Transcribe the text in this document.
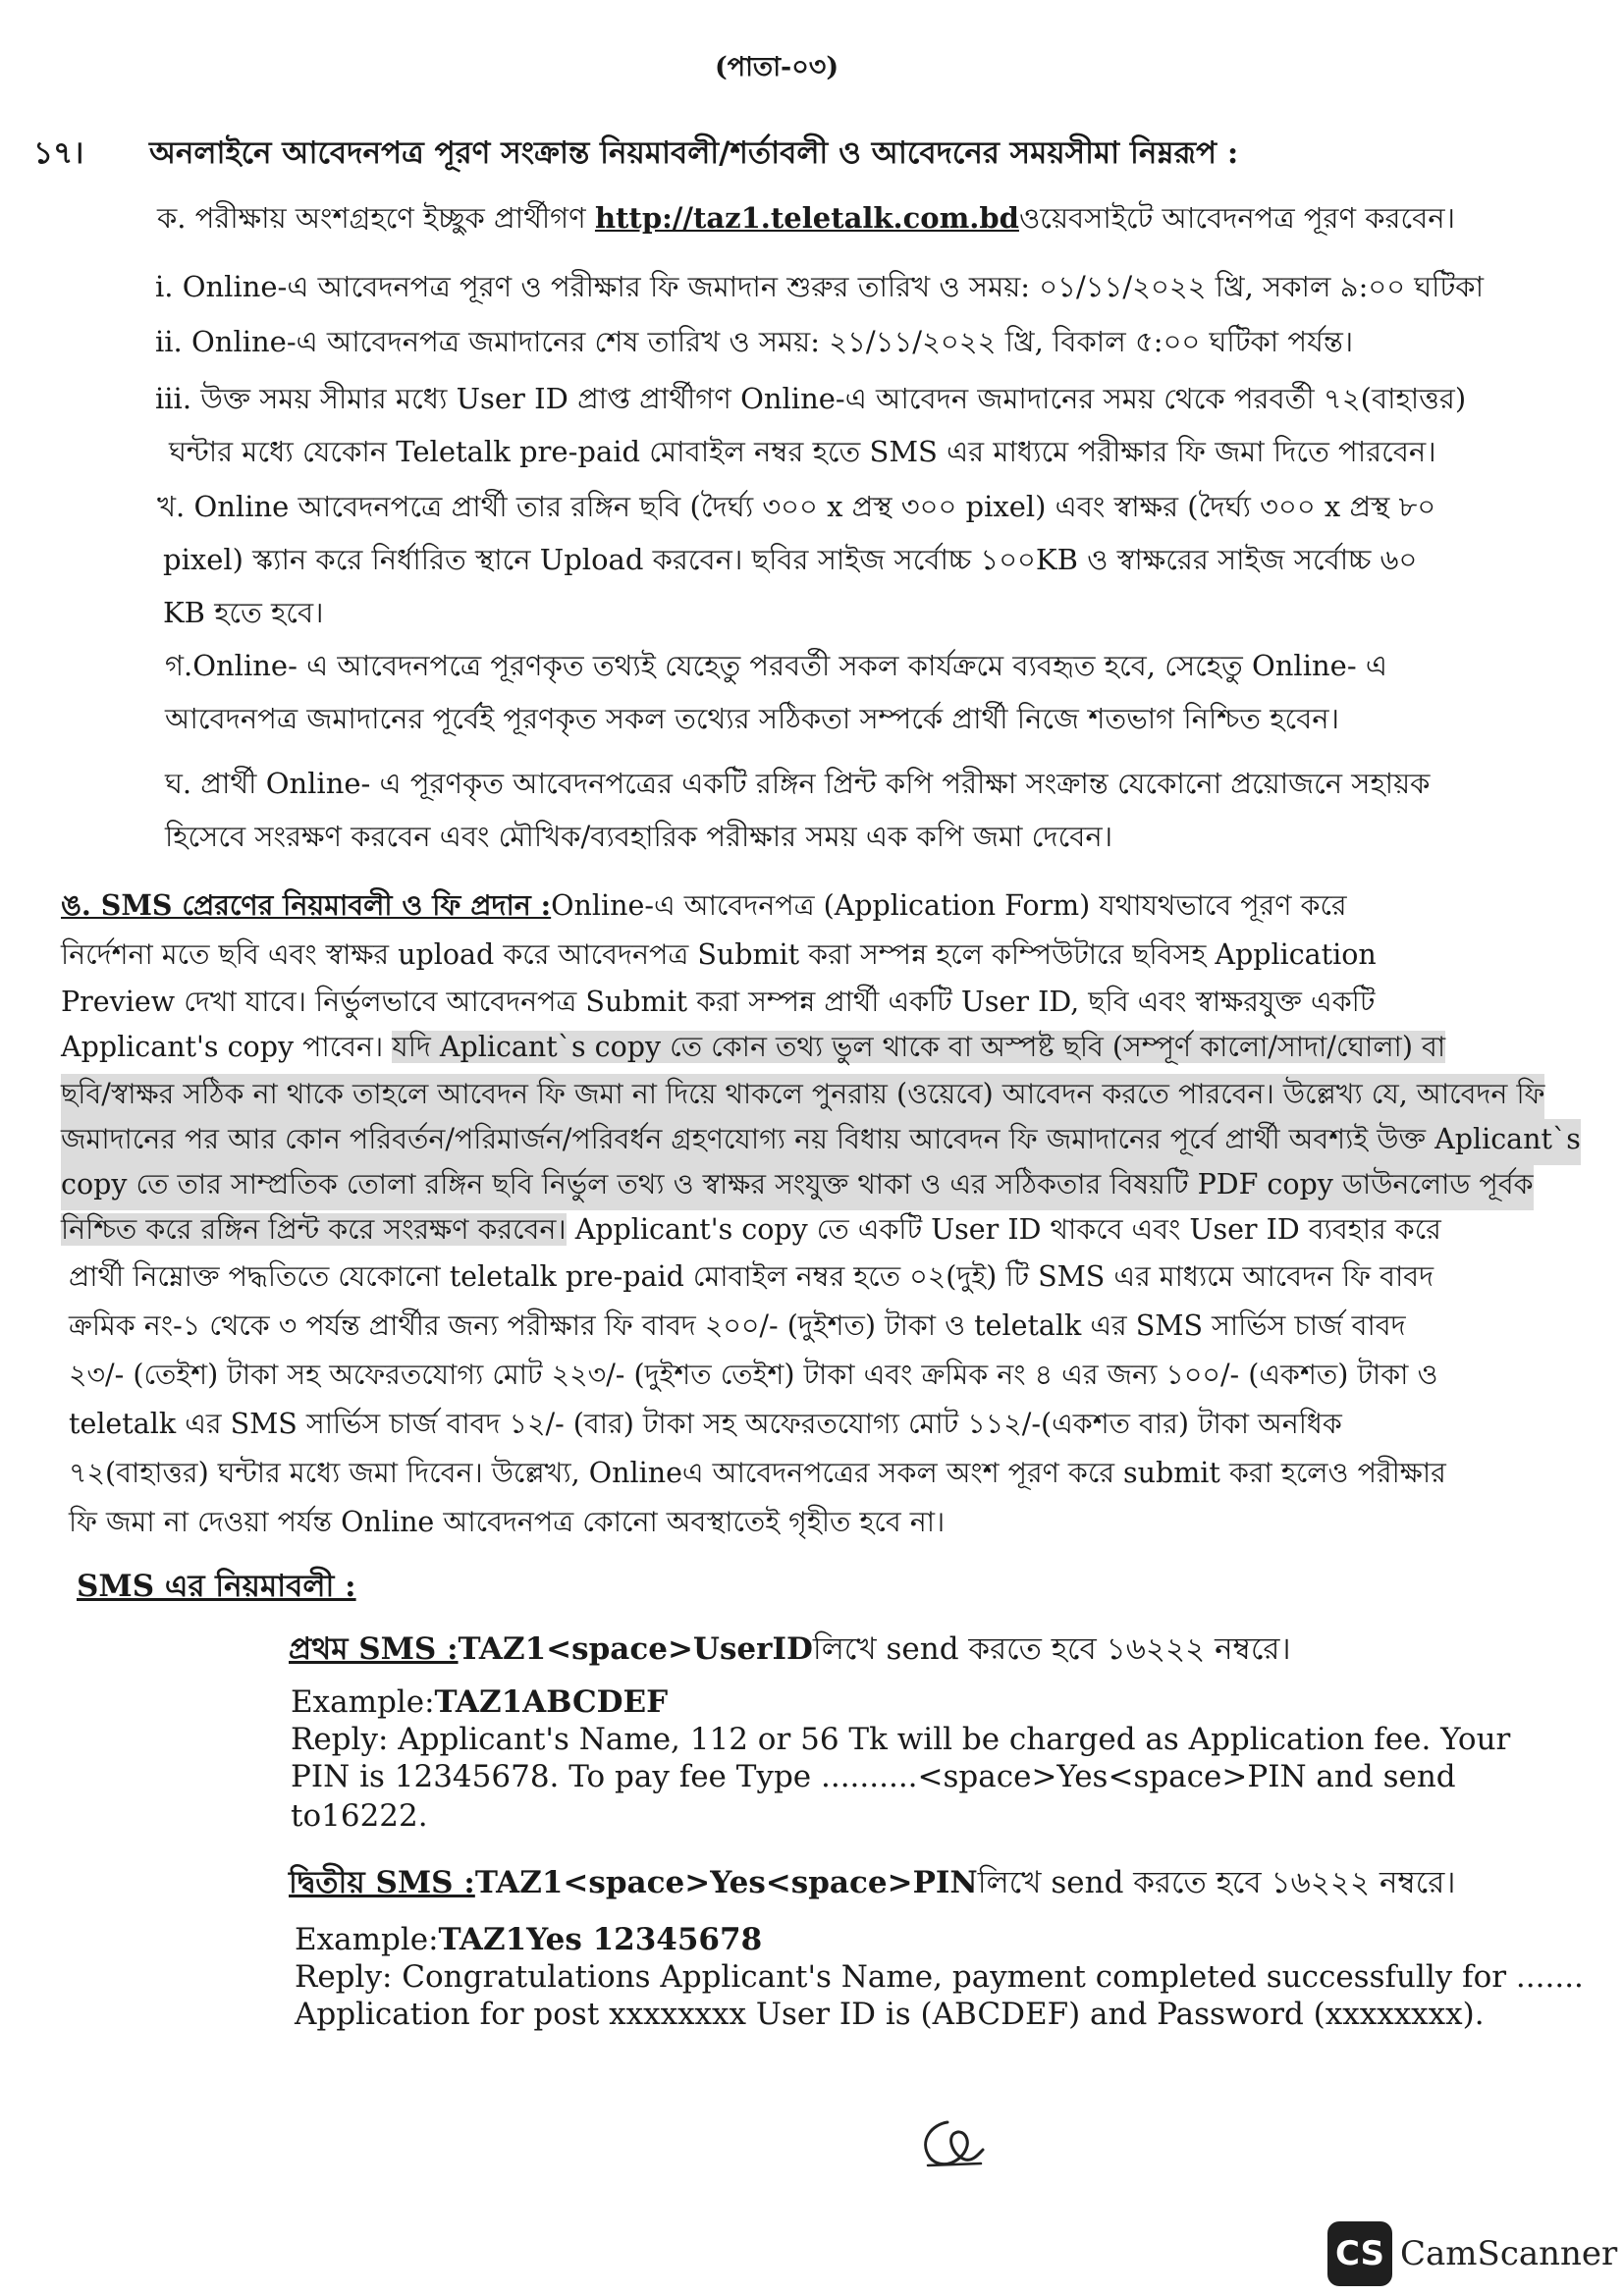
(পাতা-০৩)
১৭। অনলাইনে আবেদনপত্র পূরণ সংক্রান্ত নিয়মাবলী/শর্তাবলী ও আবেদনের সময়সীমা নিম্নরূপ :
ক. পরীক্ষায় অংশগ্রহণে ইচ্ছুক প্রার্থীগণ http://taz1.teletalk.com.bdওয়েবসাইটে আবেদনপত্র পূরণ করবেন।
i. Online-এ আবেদনপত্র পূরণ ও পরীক্ষার ফি জমাদান শুরুর তারিখ ও সময়: ০১/১১/২০২২ খ্রি, সকাল ৯:০০ ঘটিকা
ii. Online-এ আবেদনপত্র জমাদানের শেষ তারিখ ও সময়: ২১/১১/২০২২ খ্রি, বিকাল ৫:০০ ঘটিকা পর্যন্ত।
iii. উক্ত সময় সীমার মধ্যে User ID প্রাপ্ত প্রার্থীগণ Online-এ আবেদন জমাদানের সময় থেকে পরবর্তী ৭২(বাহাত্তর)
ঘন্টার মধ্যে যেকোন Teletalk pre-paid মোবাইল নম্বর হতে SMS এর মাধ্যমে পরীক্ষার ফি জমা দিতে পারবেন।
খ. Online আবেদনপত্রে প্রার্থী তার রঙ্গিন ছবি (দৈর্ঘ্য ৩০০ x প্রস্থ ৩০০ pixel) এবং স্বাক্ষর (দৈর্ঘ্য ৩০০ x প্রস্থ ৮০
pixel) স্ক্যান করে নির্ধারিত স্থানে Upload করবেন। ছবির সাইজ সর্বোচ্চ ১০০KB ও স্বাক্ষরের সাইজ সর্বোচ্চ ৬০
KB হতে হবে।
গ.Online- এ আবেদনপত্রে পূরণকৃত তথ্যই যেহেতু পরবর্তী সকল কার্যক্রমে ব্যবহৃত হবে, সেহেতু Online- এ
আবেদনপত্র জমাদানের পূর্বেই পূরণকৃত সকল তথ্যের সঠিকতা সম্পর্কে প্রার্থী নিজে শতভাগ নিশ্চিত হবেন।
ঘ. প্রার্থী Online- এ পূরণকৃত আবেদনপত্রের একটি রঙ্গিন প্রিন্ট কপি পরীক্ষা সংক্রান্ত যেকোনো প্রয়োজনে সহায়ক
হিসেবে সংরক্ষণ করবেন এবং মৌখিক/ব্যবহারিক পরীক্ষার সময় এক কপি জমা দেবেন।
ঙ. SMS প্রেরণের নিয়মাবলী ও ফি প্রদান :Online-এ আবেদনপত্র (Application Form) যথাযথভাবে পূরণ করে
নির্দেশনা মতে ছবি এবং স্বাক্ষর upload করে আবেদনপত্র Submit করা সম্পন্ন হলে কম্পিউটারে ছবিসহ Application
Preview দেখা যাবে। নির্ভুলভাবে আবেদনপত্র Submit করা সম্পন্ন প্রার্থী একটি User ID, ছবি এবং স্বাক্ষরযুক্ত একটি
Applicant's copy পাবেন। যদি Aplicant`s copy তে কোন তথ্য ভুল থাকে বা অস্পষ্ট ছবি (সম্পূর্ণ কালো/সাদা/ঘোলা) বা
ছবি/স্বাক্ষর সঠিক না থাকে তাহলে আবেদন ফি জমা না দিয়ে থাকলে পুনরায় (ওয়েবে) আবেদন করতে পারবেন। উল্লেখ্য যে, আবেদন ফি
জমাদানের পর আর কোন পরিবর্তন/পরিমার্জন/পরিবর্ধন গ্রহণযোগ্য নয় বিধায় আবেদন ফি জমাদানের পূর্বে প্রার্থী অবশ্যই উক্ত Aplicant`s
copy তে তার সাম্প্রতিক তোলা রঙ্গিন ছবি নির্ভুল তথ্য ও স্বাক্ষর সংযুক্ত থাকা ও এর সঠিকতার বিষয়টি PDF copy ডাউনলোড পূর্বক
নিশ্চিত করে রঙ্গিন প্রিন্ট করে সংরক্ষণ করবেন। Applicant's copy তে একটি User ID থাকবে এবং User ID ব্যবহার করে
প্রার্থী নিম্নোক্ত পদ্ধতিতে যেকোনো teletalk pre-paid মোবাইল নম্বর হতে ০২(দুই) টি SMS এর মাধ্যমে আবেদন ফি বাবদ
ক্রমিক নং-১ থেকে ৩ পর্যন্ত প্রার্থীর জন্য পরীক্ষার ফি বাবদ ২০০/- (দুইশত) টাকা ও teletalk এর SMS সার্ভিস চার্জ বাবদ
২৩/- (তেইশ) টাকা সহ অফেরতযোগ্য মোট ২২৩/- (দুইশত তেইশ) টাকা এবং ক্রমিক নং ৪ এর জন্য ১০০/- (একশত) টাকা ও
teletalk এর SMS সার্ভিস চার্জ বাবদ ১২/- (বার) টাকা সহ অফেরতযোগ্য মোট ১১২/-(একশত বার) টাকা অনধিক
৭২(বাহাত্তর) ঘন্টার মধ্যে জমা দিবেন। উল্লেখ্য, Onlineএ আবেদনপত্রের সকল অংশ পূরণ করে submit করা হলেও পরীক্ষার
ফি জমা না দেওয়া পর্যন্ত Online আবেদনপত্র কোনো অবস্থাতেই গৃহীত হবে না।
SMS এর নিয়মাবলী :
প্রথম SMS :TAZ1<space>UserIDলিখে send করতে হবে ১৬২২২ নম্বরে।
Example:TAZ1ABCDEF
Reply: Applicant's Name, 112 or 56 Tk will be charged as Application fee. Your
PIN is 12345678. To pay fee Type ..........<space>Yes<space>PIN and send
to16222.
দ্বিতীয় SMS :TAZ1<space>Yes<space>PINলিখে send করতে হবে ১৬২২২ নম্বরে।
Example:TAZ1Yes 12345678
Reply: Congratulations Applicant's Name, payment completed successfully for .......
Application for post xxxxxxxx User ID is (ABCDEF) and Password (xxxxxxxx).
CS CamScanner
